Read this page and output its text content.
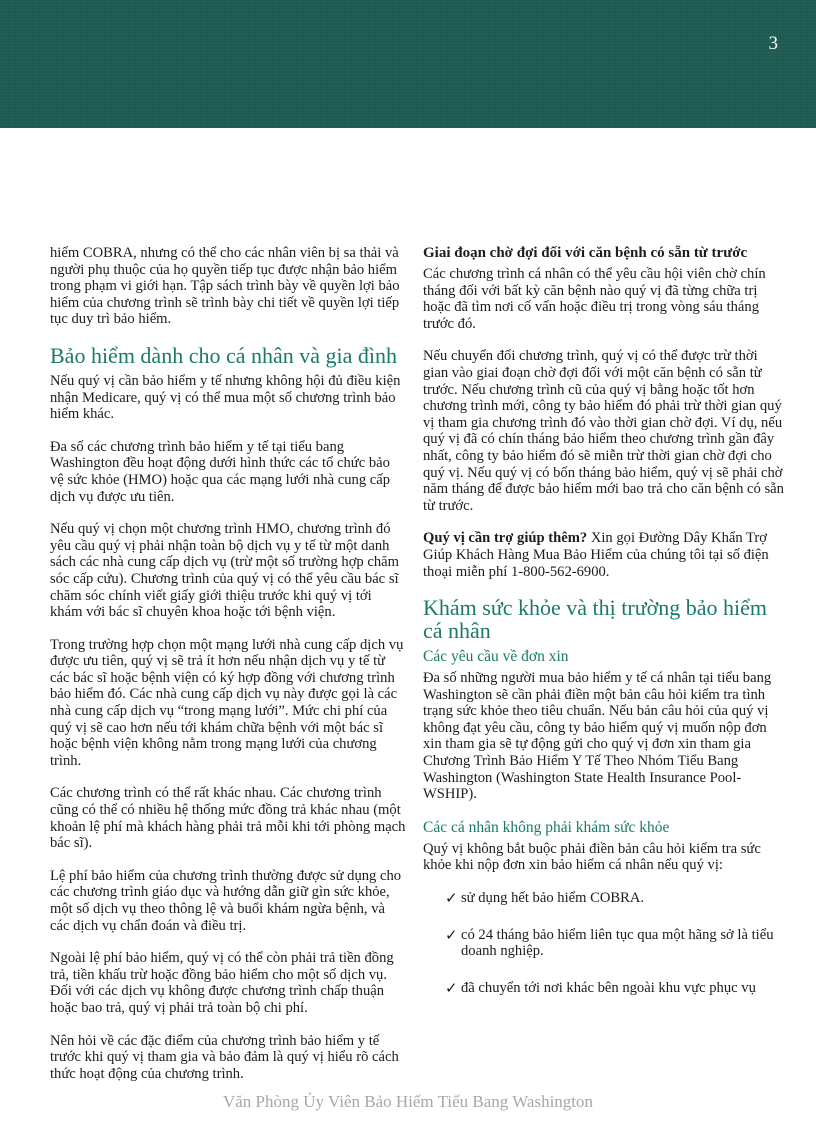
3

hiểm COBRA, nhưng có thể cho các nhân viên bị sa thải và người phụ thuộc của họ quyền tiếp tục được nhận bảo hiểm trong phạm vi giới hạn. Tập sách trình bày về quyền lợi bảo hiểm của chương trình sẽ trình bày chi tiết về quyền lợi tiếp tục duy trì bảo hiểm.

Bảo hiểm dành cho cá nhân và gia đình

Nếu quý vị cần bảo hiểm y tế nhưng không hội đủ điều kiện nhận Medicare, quý vị có thể mua một số chương trình bảo hiểm khác.

Đa số các chương trình bảo hiểm y tế tại tiểu bang Washington đều hoạt động dưới hình thức các tổ chức bảo vệ sức khỏe (HMO) hoặc qua các mạng lưới nhà cung cấp dịch vụ được ưu tiên.

Nếu quý vị chọn một chương trình HMO, chương trình đó yêu cầu quý vị phải nhận toàn bộ dịch vụ y tế từ một danh sách các nhà cung cấp dịch vụ (trừ một số trường hợp chăm sóc cấp cứu). Chương trình của quý vị có thể yêu cầu bác sĩ chăm sóc chính viết giấy giới thiệu trước khi quý vị tới khám với bác sĩ chuyên khoa hoặc tới bệnh viện.

Trong trường hợp chọn một mạng lưới nhà cung cấp dịch vụ được ưu tiên, quý vị sẽ trả ít hơn nếu nhận dịch vụ y tế từ các bác sĩ hoặc bệnh viện có ký hợp đồng với chương trình bảo hiểm đó. Các nhà cung cấp dịch vụ này được gọi là các nhà cung cấp dịch vụ “trong mạng lưới”. Mức chi phí của quý vị sẽ cao hơn nếu tới khám chữa bệnh với một bác sĩ hoặc bệnh viện không nằm trong mạng lưới của chương trình.

Các chương trình có thể rất khác nhau. Các chương trình cũng có thể có nhiều hệ thống mức đồng trả khác nhau (một khoản lệ phí mà khách hàng phải trả mỗi khi tới phòng mạch bác sĩ).

Lệ phí bảo hiểm của chương trình thường được sử dụng cho các chương trình giáo dục và hướng dẫn giữ gìn sức khỏe, một số dịch vụ theo thông lệ và buổi khám ngừa bệnh, và các dịch vụ chẩn đoán và điều trị.

Ngoài lệ phí bảo hiểm, quý vị có thể còn phải trả tiền đồng trả, tiền khấu trừ hoặc đồng bảo hiểm cho một số dịch vụ. Đối với các dịch vụ không được chương trình chấp thuận hoặc bao trả, quý vị phải trả toàn bộ chi phí.

Nên hỏi về các đặc điểm của chương trình bảo hiểm y tế trước khi quý vị tham gia và bảo đảm là quý vị hiểu rõ cách thức hoạt động của chương trình.

Giai đoạn chờ đợi đối với căn bệnh có sẵn từ trước

Các chương trình cá nhân có thể yêu cầu hội viên chờ chín tháng đối với bất kỳ căn bệnh nào quý vị đã từng chữa trị hoặc đã tìm nơi cố vấn hoặc điều trị trong vòng sáu tháng trước đó.

Nếu chuyển đổi chương trình, quý vị có thể được trừ thời gian vào giai đoạn chờ đợi đối với một căn bệnh có sẵn từ trước. Nếu chương trình cũ của quý vị bằng hoặc tốt hơn chương trình mới, công ty bảo hiểm đó phải trừ thời gian quý vị tham gia chương trình đó vào thời gian chờ đợi. Ví dụ, nếu quý vị đã có chín tháng bảo hiểm theo chương trình gần đây nhất, công ty bảo hiểm đó sẽ miễn trừ thời gian chờ đợi cho quý vị. Nếu quý vị có bốn tháng bảo hiểm, quý vị sẽ phải chờ năm tháng để được bảo hiểm mới bao trả cho căn bệnh có sẵn từ trước.

Quý vị cần trợ giúp thêm? Xin gọi Đường Dây Khẩn Trợ Giúp Khách Hàng Mua Bảo Hiểm của chúng tôi tại số điện thoại miễn phí 1-800-562-6900.

Khám sức khỏe và thị trường bảo hiểm cá nhân
Các yêu cầu về đơn xin

Đa số những người mua bảo hiểm y tế cá nhân tại tiểu bang Washington sẽ cần phải điền một bản câu hỏi kiểm tra tình trạng sức khỏe theo tiêu chuẩn. Nếu bản câu hỏi của quý vị không đạt yêu cầu, công ty bảo hiểm quý vị muốn nộp đơn xin tham gia sẽ tự động gửi cho quý vị đơn xin tham gia Chương Trình Bảo Hiểm Y Tế Theo Nhóm Tiểu Bang Washington (Washington State Health Insurance Pool-WSHIP).

Các cá nhân không phải khám sức khỏe

Quý vị không bắt buộc phải điền bản câu hỏi kiểm tra sức khỏe khi nộp đơn xin bảo hiểm cá nhân nếu quý vị:

✓ sử dụng hết bảo hiểm COBRA.
✓ có 24 tháng bảo hiểm liên tục qua một hãng sở là tiểu doanh nghiệp.
✓ đã chuyển tới nơi khác bên ngoài khu vực phục vụ
Văn Phòng Ủy Viên Bảo Hiểm Tiểu Bang Washington
